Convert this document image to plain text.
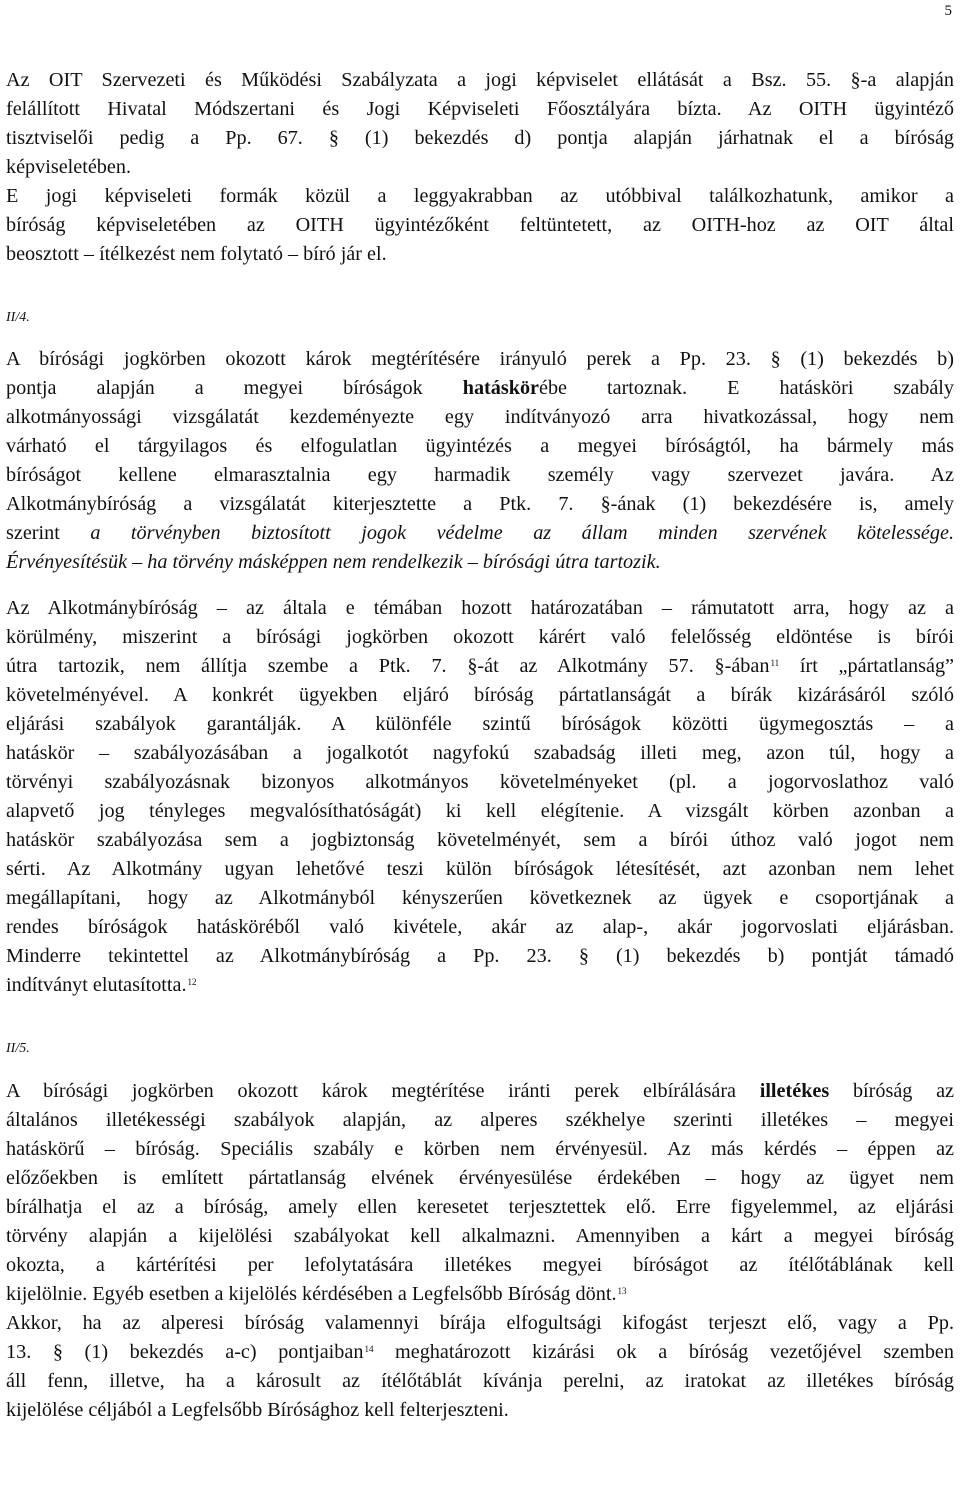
5
Az OIT Szervezeti és Működési Szabályzata a jogi képviselet ellátását a Bsz. 55. §-a alapján
felállított Hivatal Módszertani és Jogi Képviseleti Főosztályára bízta. Az OITH ügyintéző
tisztviselői pedig a Pp. 67. § (1) bekezdés d) pontja alapján járhatnak el a bíróság
képviseletében.
E jogi képviseleti formák közül a leggyakrabban az utóbbival találkozhatunk, amikor a
bíróság képviseletében az OITH ügyintézőként feltüntetett, az OITH-hoz az OIT által
beosztott – ítélkezést nem folytató – bíró jár el.
II/4.
A bírósági jogkörben okozott károk megtérítésére irányuló perek a Pp. 23. § (1) bekezdés b)
pontja alapján a megyei bíróságok hatáskörébe tartoznak. E hatásköri szabály
alkotmányossági vizsgálatát kezdeményezte egy indítványozó arra hivatkozással, hogy nem
várható el tárgyilagos és elfogulatlan ügyintézés a megyei bíróságtól, ha bármely más
bíróságot kellene elmarasztalnia egy harmadik személy vagy szervezet javára. Az
Alkotmánybíróság a vizsgálatát kiterjesztette a Ptk. 7. §-ának (1) bekezdésére is, amely
szerint a törvényben biztosított jogok védelme az állam minden szervének kötelessége.
Érvényesítésük – ha törvény másképpen nem rendelkezik – bírósági útra tartozik.
Az Alkotmánybíróság – az általa e témában hozott határozatában – rámutatott arra, hogy az a
körülmény, miszerint a bírósági jogkörben okozott kárért való felelősség eldöntése is bírói
útra tartozik, nem állítja szembe a Ptk. 7. §-át az Alkotmány 57. §-ában$^{11}$ írt „pártatlanság”
követelményével. A konkrét ügyekben eljáró bíróság pártatlanságát a bírák kizárásáról szóló
eljárási szabályok garantálják. A különféle szintű bíróságok közötti ügymegosztás – a
hatáskör – szabályozásában a jogalkotót nagyfokú szabadság illeti meg, azon túl, hogy a
törvényi szabályozásnak bizonyos alkotmányos követelményeket (pl. a jogorvoslathoz való
alapvető jog tényleges megvalósíthatóságát) ki kell elégítenie. A vizsgált körben azonban a
hatáskör szabályozása sem a jogbiztonság követelményét, sem a bírói úthoz való jogot nem
sérti. Az Alkotmány ugyan lehetővé teszi külön bíróságok létesítését, azt azonban nem lehet
megállapítani, hogy az Alkotmányból kényszerűen következnek az ügyek e csoportjának a
rendes bíróságok hatásköréből való kivétele, akár az alap-, akár jogorvoslati eljárásban.
Minderre tekintettel az Alkotmánybíróság a Pp. 23. § (1) bekezdés b) pontját támadó
indítványt elutasította.$^{12}$
II/5.
A bírósági jogkörben okozott károk megtérítése iránti perek elbírálására illetékes bíróság az
általános illetékességi szabályok alapján, az alperes székhelye szerinti illetékes – megyei
hatáskörű – bíróság. Speciális szabály e körben nem érvényesül. Az más kérdés – éppen az
előzőekben is említett pártatlanság elvének érvényesülése érdekében – hogy az ügyet nem
bírálhatja el az a bíróság, amely ellen keresetet terjesztettek elő. Erre figyelemmel, az eljárási
törvény alapján a kijelölési szabályokat kell alkalmazni. Amennyiben a kárt a megyei bíróság
okozta, a kártérítési per lefolytatására illetékes megyei bíróságot az ítélőtáblának kell
kijelölnie. Egyéb esetben a kijelölés kérdésében a Legfelsőbb Bíróság dönt.$^{13}$
Akkor, ha az alperesi bíróság valamennyi bírája elfogultsági kifogást terjeszt elő, vagy a Pp.
13. § (1) bekezdés a-c) pontjaiban$^{14}$ meghatározott kizárási ok a bíróság vezetőjével szemben
áll fenn, illetve, ha a károsult az ítélőtáblát kívánja perelni, az iratokat az illetékes bíróság
kijelölése céljából a Legfelsőbb Bírósághoz kell felterjeszteni.
